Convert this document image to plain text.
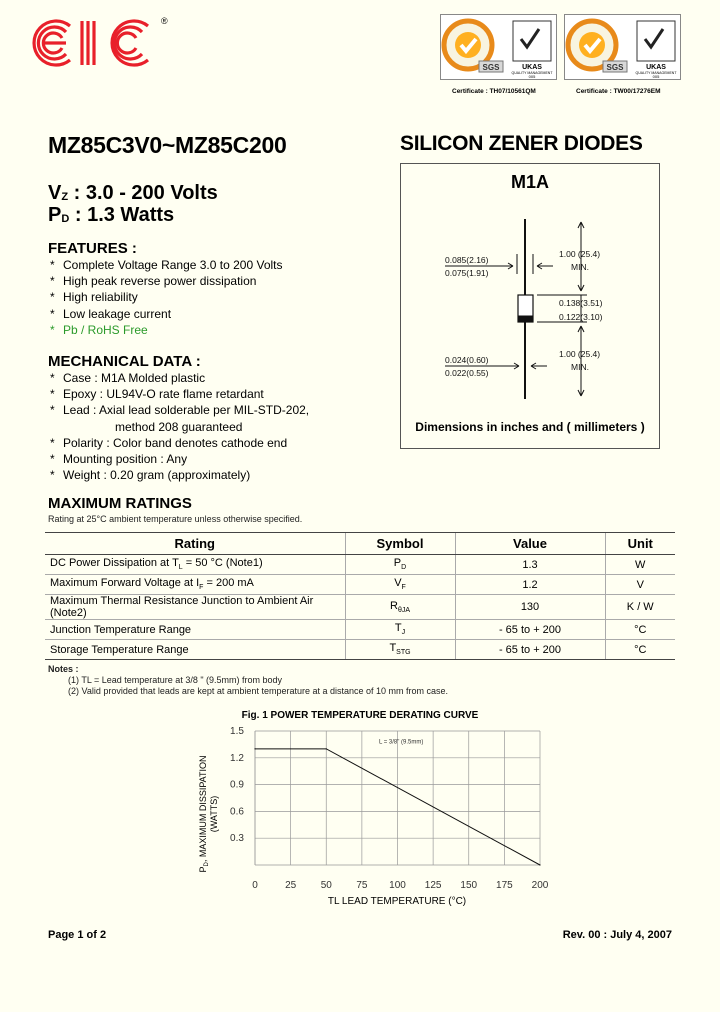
®
SGS	UKAS
QUALITY MANAGEMENT
005
SGS	UKAS
QUALITY MANAGEMENT
005
Certificate : TH07/10561QM	Certificate : TW00/17276EM
MZ85C3V0~MZ85C200	SILICON ZENER DIODES
$V_Z$ : 3.0 - 200 Volts
$P_D$ : 1.3 Watts
M1A
0.085(2.16)
0.075(1.91)
1.00 (25.4)
MIN.
0.138(3.51)
0.122(3.10)
0.024(0.60)
0.022(0.55)
1.00 (25.4)
MIN.
Dimensions in inches and ( millimeters )
FEATURES :
* Complete Voltage Range 3.0 to 200 Volts
* High peak reverse power dissipation
* High reliability
* Low leakage current
* Pb / RoHS Free
MECHANICAL DATA :
* Case : M1A Molded plastic
* Epoxy : UL94V-O rate flame retardant
* Lead : Axial lead solderable per MIL-STD-202,
method 208 guaranteed
* Polarity : Color band denotes cathode end
* Mounting position : Any
* Weight : 0.20 gram (approximately)
MAXIMUM RATINGS
Rating at 25°C ambient temperature unless otherwise specified.
Rating	Symbol	Value	Unit
DC Power Dissipation at $T_L = 50$ °C (Note1)	$P_D$	1.3	W
Maximum Forward Voltage at $I_F = 200$ mA	$V_F$	1.2	V
Maximum Thermal Resistance Junction to Ambient Air (Note2)	$R_{\theta JA}$	130	K / W
Junction Temperature Range	$T_J$	- 65 to + 200	°C
Storage Temperature Range	$T_{STG}$	- 65 to + 200	°C
Notes :
(1) TL = Lead temperature at 3/8 " (9.5mm) from body
(2) Valid provided that leads are kept at ambient temperature at a distance of 10 mm from case.
Fig. 1 POWER TEMPERATURE DERATING CURVE
0	25 50 75 100 125 150 175 200
0.3
0.6
0.9
1.2
1.5
L = 3/8" (9.5mm)
TL LEAD TEMPERATURE (°C)
$P_D$, MAXIMUM DISSIPATION (WATTS)
Page 1 of 2	Rev. 00 : July 4, 2007
